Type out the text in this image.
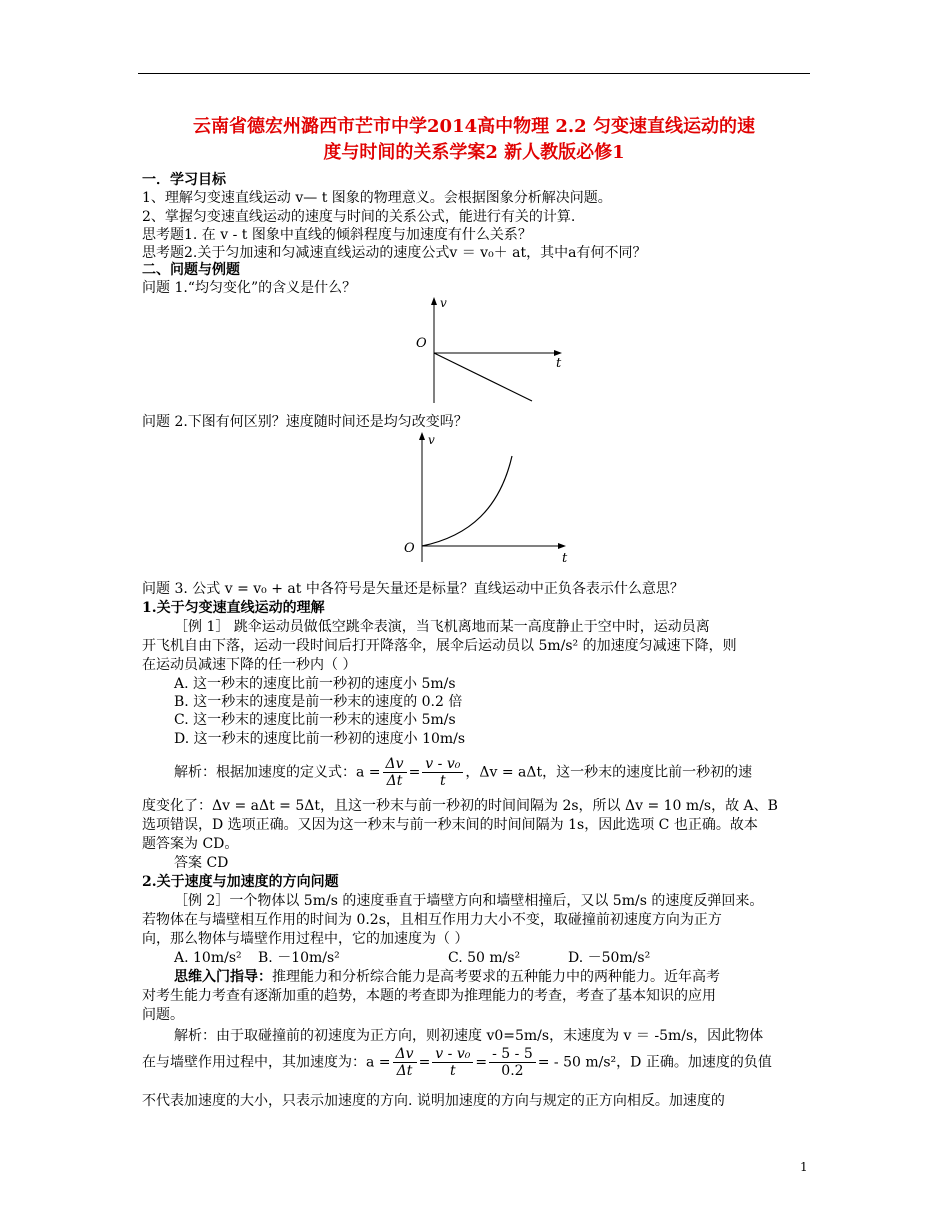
云南省德宏州潞西市芒市中学2014高中物理 2.2 匀变速直线运动的速
度与时间的关系学案2 新人教版必修1
一．学习目标
1、理解匀变速直线运动 v— t 图象的物理意义。会根据图象分析解决问题。
2、掌握匀变速直线运动的速度与时间的关系公式，能进行有关的计算.
思考题1. 在 v - t 图象中直线的倾斜程度与加速度有什么关系？
思考题2.关于匀加速和匀减速直线运动的速度公式v ＝ v₀＋ at，其中a有何不同？
二、问题与例题
问题 1.“均匀变化”的含义是什么？
v
O
t
问题 2.下图有何区别？速度随时间还是均匀改变吗？
v
O
t
问题 3. 公式 v = v₀ + at 中各符号是矢量还是标量？直线运动中正负各表示什么意思？
1.关于匀变速直线运动的理解
［例 1］ 跳伞运动员做低空跳伞表演，当飞机离地而某一高度静止于空中时，运动员离
开飞机自由下落，运动一段时间后打开降落伞，展伞后运动员以 5m/s² 的加速度匀减速下降，则
在运动员减速下降的任一秒内（ ）
A. 这一秒末的速度比前一秒初的速度小 5m/s
B. 这一秒末的速度是前一秒末的速度的 0.2 倍
C. 这一秒末的速度比前一秒末的速度小 5m/s
D. 这一秒末的速度比前一秒初的速度小 10m/s
解析：根据加速度的定义式：$a = \frac{\Delta v}{\Delta t} = \frac{\text{v - v₀}}{t}$ ，Δv = aΔt，这一秒末的速度比前一秒初的速
度变化了：Δv = aΔt = 5Δt，且这一秒末与前一秒初的时间间隔为 2s，所以 Δv = 10 m/s，故 A、B
选项错误，D 选项正确。又因为这一秒末与前一秒末间的时间间隔为 1s，因此选项 C 也正确。故本
题答案为 CD。
答案 CD
2.关于速度与加速度的方向问题
［例 2］一个物体以 5m/s 的速度垂直于墙壁方向和墙壁相撞后，又以 5m/s 的速度反弹回来。
若物体在与墙壁相互作用的时间为 0.2s，且相互作用力大小不变，取碰撞前初速度方向为正方
向，那么物体与墙壁作用过程中，它的加速度为（ ）
A. 10m/s² B. －10m/s²	C. 50 m/s²	D. －50m/s²
思维入门指导：推理能力和分析综合能力是高考要求的五种能力中的两种能力。近年高考
对考生能力考查有逐渐加重的趋势，本题的考查即为推理能力的考查，考查了基本知识的应用
问题。
解析：由于取碰撞前的初速度为正方向，则初速度 v0=5m/s，末速度为 v ＝ -5m/s，因此物体
在与墙壁作用过程中，其加速度为：$a = \frac{\Delta v}{\Delta t} = \frac{\text{v - v₀}}{t} = \frac{- 5 - 5}{0.2}$ = - 50 m/s²，D 正确。加速度的负值
不代表加速度的大小，只表示加速度的方向. 说明加速度的方向与规定的正方向相反。加速度的
1
